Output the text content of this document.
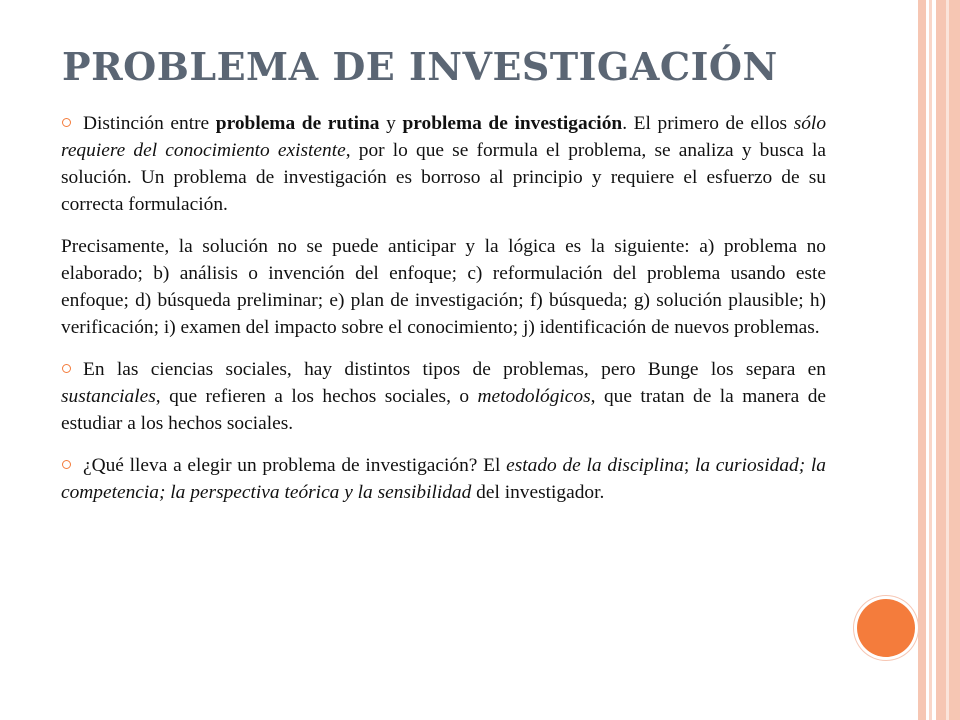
PROBLEMA DE INVESTIGACIÓN

Distinción entre problema de rutina y problema de investigación. El primero de ellos sólo requiere del conocimiento existente, por lo que se formula el problema, se analiza y busca la solución. Un problema de investigación es borroso al principio y requiere el esfuerzo de su correcta formulación.

Precisamente, la solución no se puede anticipar y la lógica es la siguiente: a) problema no elaborado; b) análisis o invención del enfoque; c) reformulación del problema usando este enfoque; d) búsqueda preliminar; e) plan de investigación; f) búsqueda; g) solución plausible; h) verificación; i) examen del impacto sobre el conocimiento; j) identificación de nuevos problemas.

En las ciencias sociales, hay distintos tipos de problemas, pero Bunge los separa en sustanciales, que refieren a los hechos sociales, o metodológicos, que tratan de la manera de estudiar a los hechos sociales.

¿Qué lleva a elegir un problema de investigación? El estado de la disciplina; la curiosidad; la competencia; la perspectiva teórica y la sensibilidad del investigador.
